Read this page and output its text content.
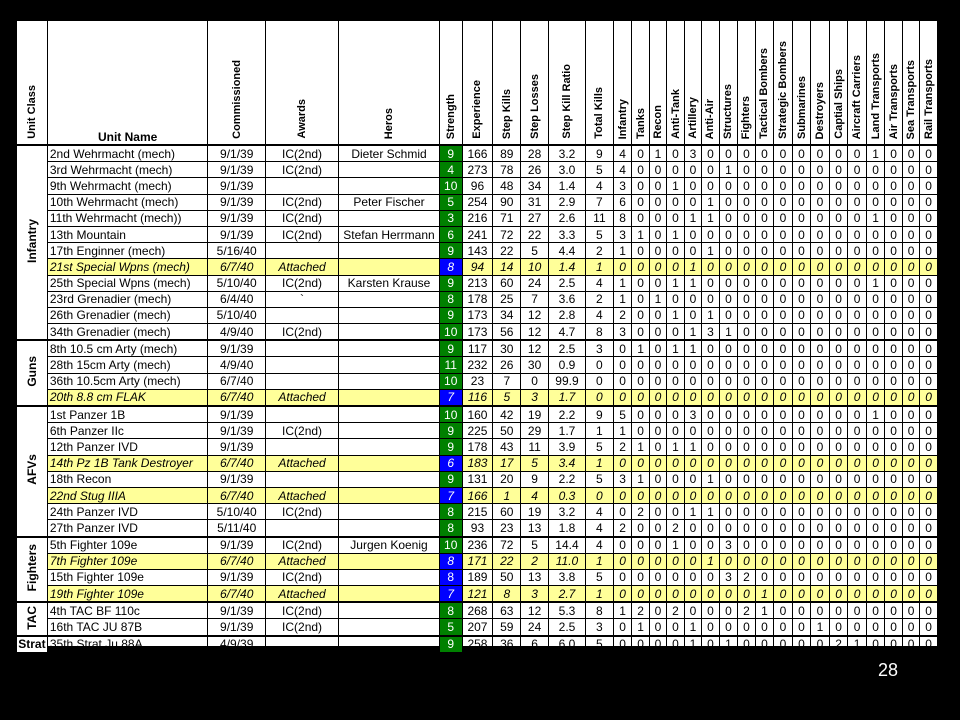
Unit Class	Unit Name	Commissioned	Awards	Heros	Strength	Experience	Step Kills	Step Losses	Step Kill Ratio	Total Kills	Infantry	Tanks	Recon	Anti-Tank	Artillery	Anti-Air	Structures	Fighters	Tactical Bombers	Strategic Bombers	Submarines	Destroyers	Captial Ships	Aircraft Carriers	Land Transports	Air Transports	Sea Transports	Rail Transports
Infantry	2nd Wehrmacht (mech)	9/1/39	IC(2nd)	Dieter Schmid	9	166	89	28	3.2	9	4	0	1	0	3	0	0	0	0	0	0	0	0	0	1	0	0	0
	3rd Wehrmacht (mech)	9/1/39	IC(2nd)		4	273	78	26	3.0	5	4	0	0	0	0	0	1	0	0	0	0	0	0	0	0	0	0	0
	9th Wehrmacht (mech)	9/1/39			10	96	48	34	1.4	4	3	0	0	1	0	0	0	0	0	0	0	0	0	0	0	0	0	0
	10th Wehrmacht (mech)	9/1/39	IC(2nd)	Peter Fischer	5	254	90	31	2.9	7	6	0	0	0	0	1	0	0	0	0	0	0	0	0	0	0	0	0
	11th Wehrmacht (mech))	9/1/39	IC(2nd)		3	216	71	27	2.6	11	8	0	0	0	1	1	0	0	0	0	0	0	0	0	1	0	0	0
	13th Mountain	9/1/39	IC(2nd)	Stefan Herrmann	6	241	72	22	3.3	5	3	1	0	1	0	0	0	0	0	0	0	0	0	0	0	0	0	0
	17th Enginner (mech)	5/16/40			9	143	22	5	4.4	2	1	0	0	0	0	1	0	0	0	0	0	0	0	0	0	0	0	0
	21st Special Wpns (mech)	6/7/40	Attached		8	94	14	10	1.4	1	0	0	0	0	1	0	0	0	0	0	0	0	0	0	0	0	0	0
	25th Special Wpns (mech)	5/10/40	IC(2nd)	Karsten Krause	9	213	60	24	2.5	4	1	0	0	1	1	0	0	0	0	0	0	0	0	0	1	0	0	0
	23rd Grenadier (mech)	6/4/40	`		8	178	25	7	3.6	2	1	0	1	0	0	0	0	0	0	0	0	0	0	0	0	0	0	0
	26th Grenadier (mech)	5/10/40			9	173	34	12	2.8	4	2	0	0	1	0	1	0	0	0	0	0	0	0	0	0	0	0	0
	34th Grenadier (mech)	4/9/40	IC(2nd)		10	173	56	12	4.7	8	3	0	0	0	1	3	1	0	0	0	0	0	0	0	0	0	0	0
Guns	8th 10.5 cm Arty (mech)	9/1/39			9	117	30	12	2.5	3	0	1	0	1	1	0	0	0	0	0	0	0	0	0	0	0	0	0
	28th 15cm Arty (mech)	4/9/40			11	232	26	30	0.9	0	0	0	0	0	0	0	0	0	0	0	0	0	0	0	0	0	0	0
	36th 10.5cm Arty (mech)	6/7/40			10	23	7	0	99.9	0	0	0	0	0	0	0	0	0	0	0	0	0	0	0	0	0	0	0
	20th 8.8 cm FLAK	6/7/40	Attached		7	116	5	3	1.7	0	0	0	0	0	0	0	0	0	0	0	0	0	0	0	0	0	0	0
AFVs	1st Panzer 1B	9/1/39			10	160	42	19	2.2	9	5	0	0	0	3	0	0	0	0	0	0	0	0	0	1	0	0	0
	6th Panzer IIc	9/1/39	IC(2nd)		9	225	50	29	1.7	1	1	0	0	0	0	0	0	0	0	0	0	0	0	0	0	0	0	0
	12th Panzer IVD	9/1/39			9	178	43	11	3.9	5	2	1	0	1	1	0	0	0	0	0	0	0	0	0	0	0	0	0
	14th Pz 1B Tank Destroyer	6/7/40	Attached		6	183	17	5	3.4	1	0	0	0	0	0	0	0	0	0	0	0	0	0	0	0	0	0	0
	18th Recon	9/1/39			9	131	20	9	2.2	5	3	1	0	0	0	1	0	0	0	0	0	0	0	0	0	0	0	0
	22nd Stug IIIA	6/7/40	Attached		7	166	1	4	0.3	0	0	0	0	0	0	0	0	0	0	0	0	0	0	0	0	0	0	0
	24th Panzer IVD	5/10/40	IC(2nd)		8	215	60	19	3.2	4	0	2	0	0	1	1	0	0	0	0	0	0	0	0	0	0	0	0
	27th Panzer IVD	5/11/40			8	93	23	13	1.8	4	2	0	0	2	0	0	0	0	0	0	0	0	0	0	0	0	0	0
Fighters	5th Fighter 109e	9/1/39	IC(2nd)	Jurgen Koenig	10	236	72	5	14.4	4	0	0	0	1	0	0	3	0	0	0	0	0	0	0	0	0	0	0
	7th Fighter 109e	6/7/40	Attached		8	171	22	2	11.0	1	0	0	0	0	0	1	0	0	0	0	0	0	0	0	0	0	0	0
	15th Fighter 109e	9/1/39	IC(2nd)		8	189	50	13	3.8	5	0	0	0	0	0	0	3	2	0	0	0	0	0	0	0	0	0	0
	19th Fighter 109e	6/7/40	Attached		7	121	8	3	2.7	1	0	0	0	0	0	0	0	0	1	0	0	0	0	0	0	0	0	0
TAC	4th TAC BF 110c	9/1/39	IC(2nd)		8	268	63	12	5.3	8	1	2	0	2	0	0	0	2	1	0	0	0	0	0	0	0	0	0
	16th TAC JU 87B	9/1/39	IC(2nd)		5	207	59	24	2.5	3	0	1	0	0	1	0	0	0	0	0	0	1	0	0	0	0	0	0
Strat	35th Strat Ju 88A	4/9/39			9	258	36	6	6.0	5	0	0	0	0	1	0	1	0	0	0	0	0	2	1	0	0	0	0
28
